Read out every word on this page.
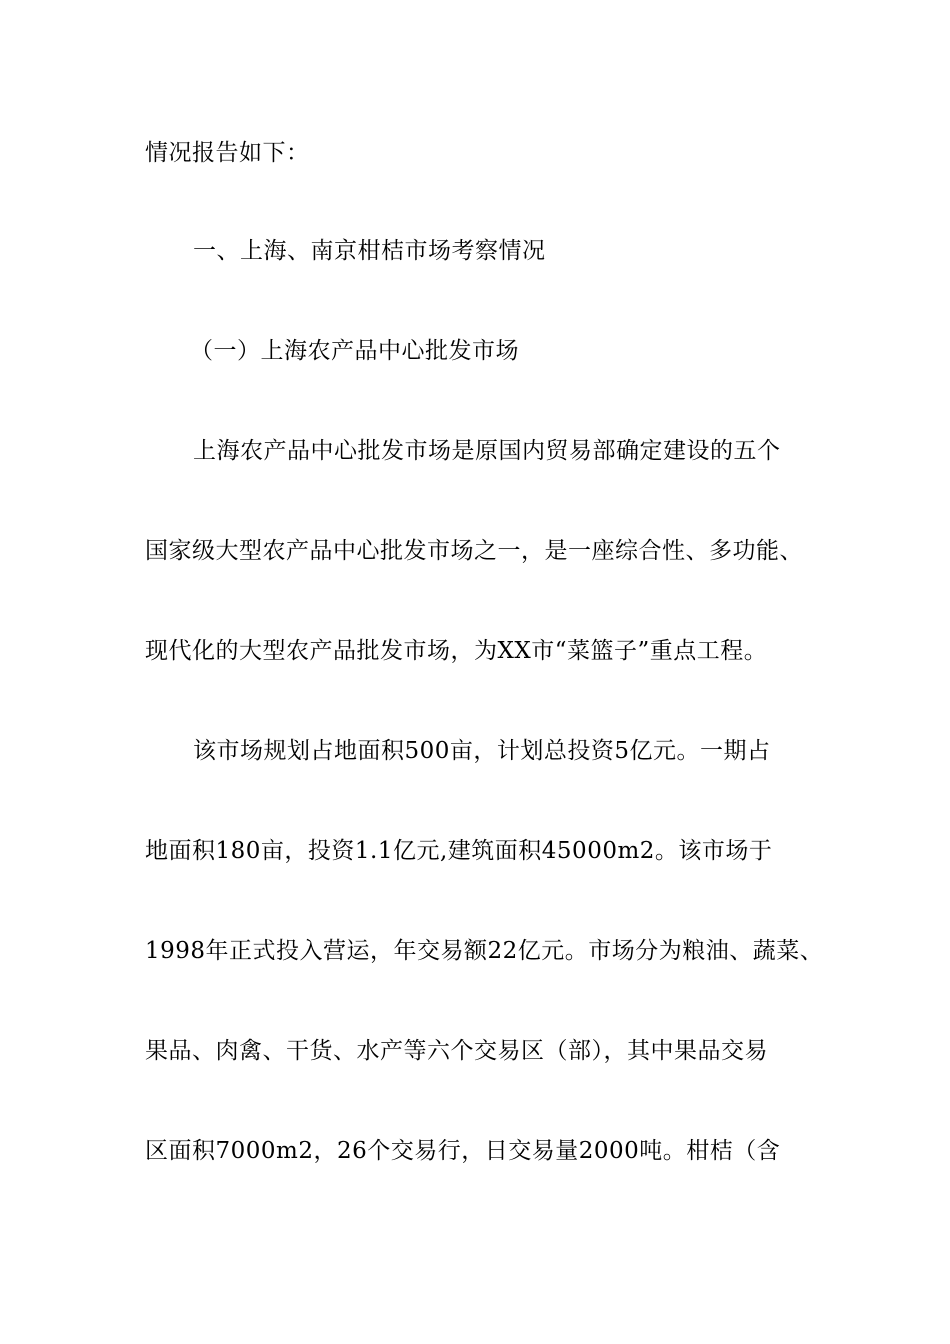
情况报告如下：
一、上海、南京柑桔市场考察情况
（一）上海农产品中心批发市场
上海农产品中心批发市场是原国内贸易部确定建设的五个
国家级大型农产品中心批发市场之一，是一座综合性、多功能、
现代化的大型农产品批发市场，为XX市“菜篮子”重点工程。
该市场规划占地面积500亩，计划总投资5亿元。一期占
地面积180亩，投资1.1亿元,建筑面积45000m2。该市场于
1998年正式投入营运，年交易额22亿元。市场分为粮油、蔬菜、
果品、肉禽、干货、水产等六个交易区（部），其中果品交易
区面积7000m2，26个交易行，日交易量2000吨。柑桔（含
